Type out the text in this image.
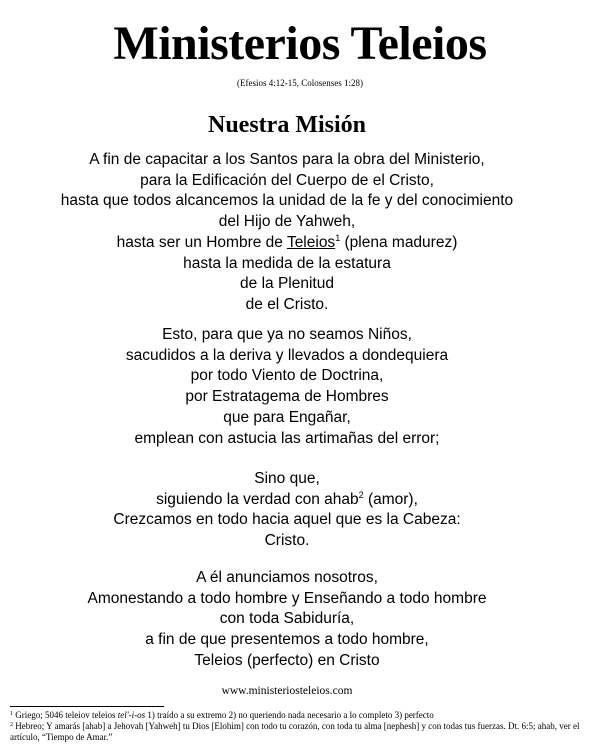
Ministerios Teleios
(Efesios 4:12-15, Colosenses 1:28)
Nuestra Misión
A fin de capacitar a los Santos para la obra del Ministerio,
para la Edificación del Cuerpo de el Cristo,
hasta que todos alcancemos la unidad de la fe y del conocimiento
del Hijo de Yahweh,
hasta ser un Hombre de Teleios$^1$ (plena madurez)
hasta la medida de la estatura
de la Plenitud
de el Cristo.
Esto, para que ya no seamos Niños,
sacudidos a la deriva y llevados a dondequiera
por todo Viento de Doctrina,
por Estratagema de Hombres
que para Engañar,
emplean con astucia las artimañas del error;
Sino que,
siguiendo la verdad con ahab$^2$ (amor),
Crezcamos en todo hacia aquel que es la Cabeza:
Cristo.
A él anunciamos nosotros,
Amonestando a todo hombre y Enseñando a todo hombre
con toda Sabiduría,
a fin de que presentemos a todo hombre,
Teleios (perfecto) en Cristo
www.ministeriosteleios.com
$^1$ Griego; 5046 teleiov teleios tel'-i-os 1) traído a su extremo 2) no queriendo nada necesario a lo completo 3) perfecto
$^2$ Hebreo; Y amarás [ahab] a Jehovah [Yahweh] tu Dios [Elohim] con todo tu corazón, con toda tu alma [nephesh] y con todas tus fuerzas. Dt. 6:5; ahab, ver el artículo, “Tiempo de Amar.”
